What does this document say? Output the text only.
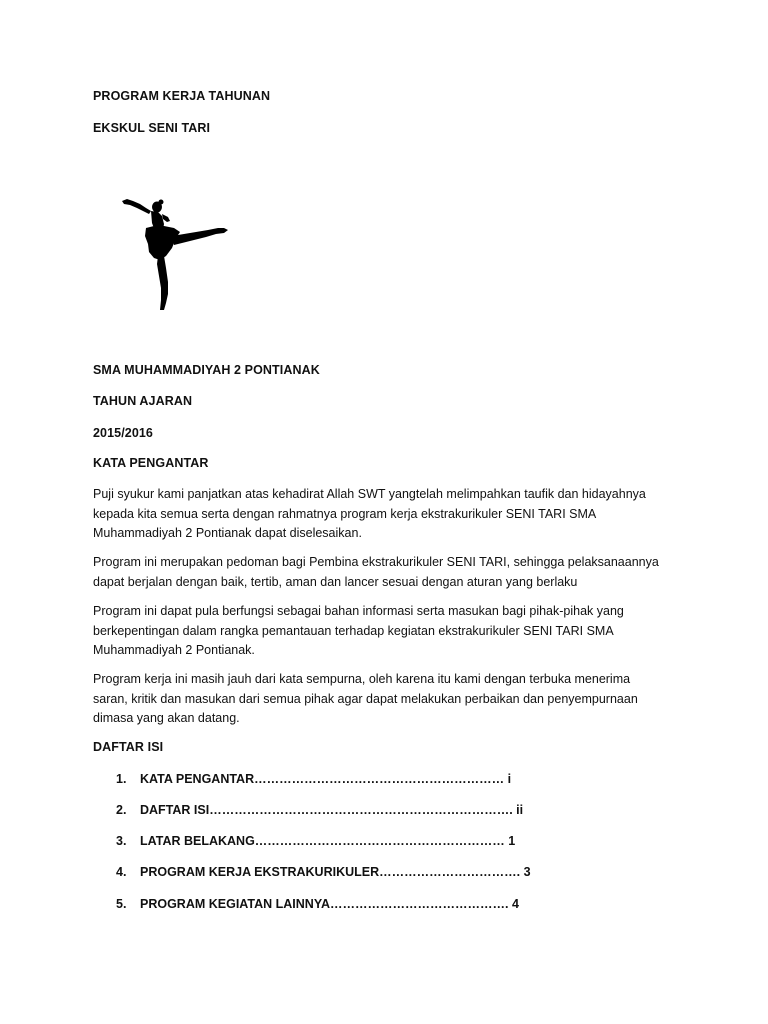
PROGRAM KERJA TAHUNAN

EKSKUL SENI TARI

SMA MUHAMMADIYAH 2 PONTIANAK

TAHUN AJARAN

2015/2016

KATA PENGANTAR

Puji syukur kami panjatkan atas kehadirat Allah SWT yangtelah melimpahkan taufik dan hidayahnya
kepada kita semua serta dengan rahmatnya program kerja ekstrakurikuler SENI TARI SMA
Muhammadiyah 2 Pontianak dapat diselesaikan.
Program ini merupakan pedoman bagi Pembina ekstrakurikuler SENI TARI, sehingga pelaksanaannya
dapat berjalan dengan baik, tertib, aman dan lancer sesuai dengan aturan yang berlaku
Program ini dapat pula berfungsi sebagai bahan informasi serta masukan bagi pihak-pihak yang
berkepentingan dalam rangka pemantauan terhadap kegiatan ekstrakurikuler SENI TARI SMA
Muhammadiyah 2 Pontianak.
Program kerja ini masih jauh dari kata sempurna, oleh karena itu kami dengan terbuka menerima
saran, kritik dan masukan dari semua pihak agar dapat melakukan perbaikan dan penyempurnaan
dimasa yang akan datang.

DAFTAR ISI

1. KATA PENGANTAR…………………………………………………… i
2. DAFTAR ISI………………………………………………………………. ii
3. LATAR BELAKANG…………………………………………………… 1
4. PROGRAM KERJA EKSTRAKURIKULER……………………………. 3
5. PROGRAM KEGIATAN LAINNYA……………………………………. 4
